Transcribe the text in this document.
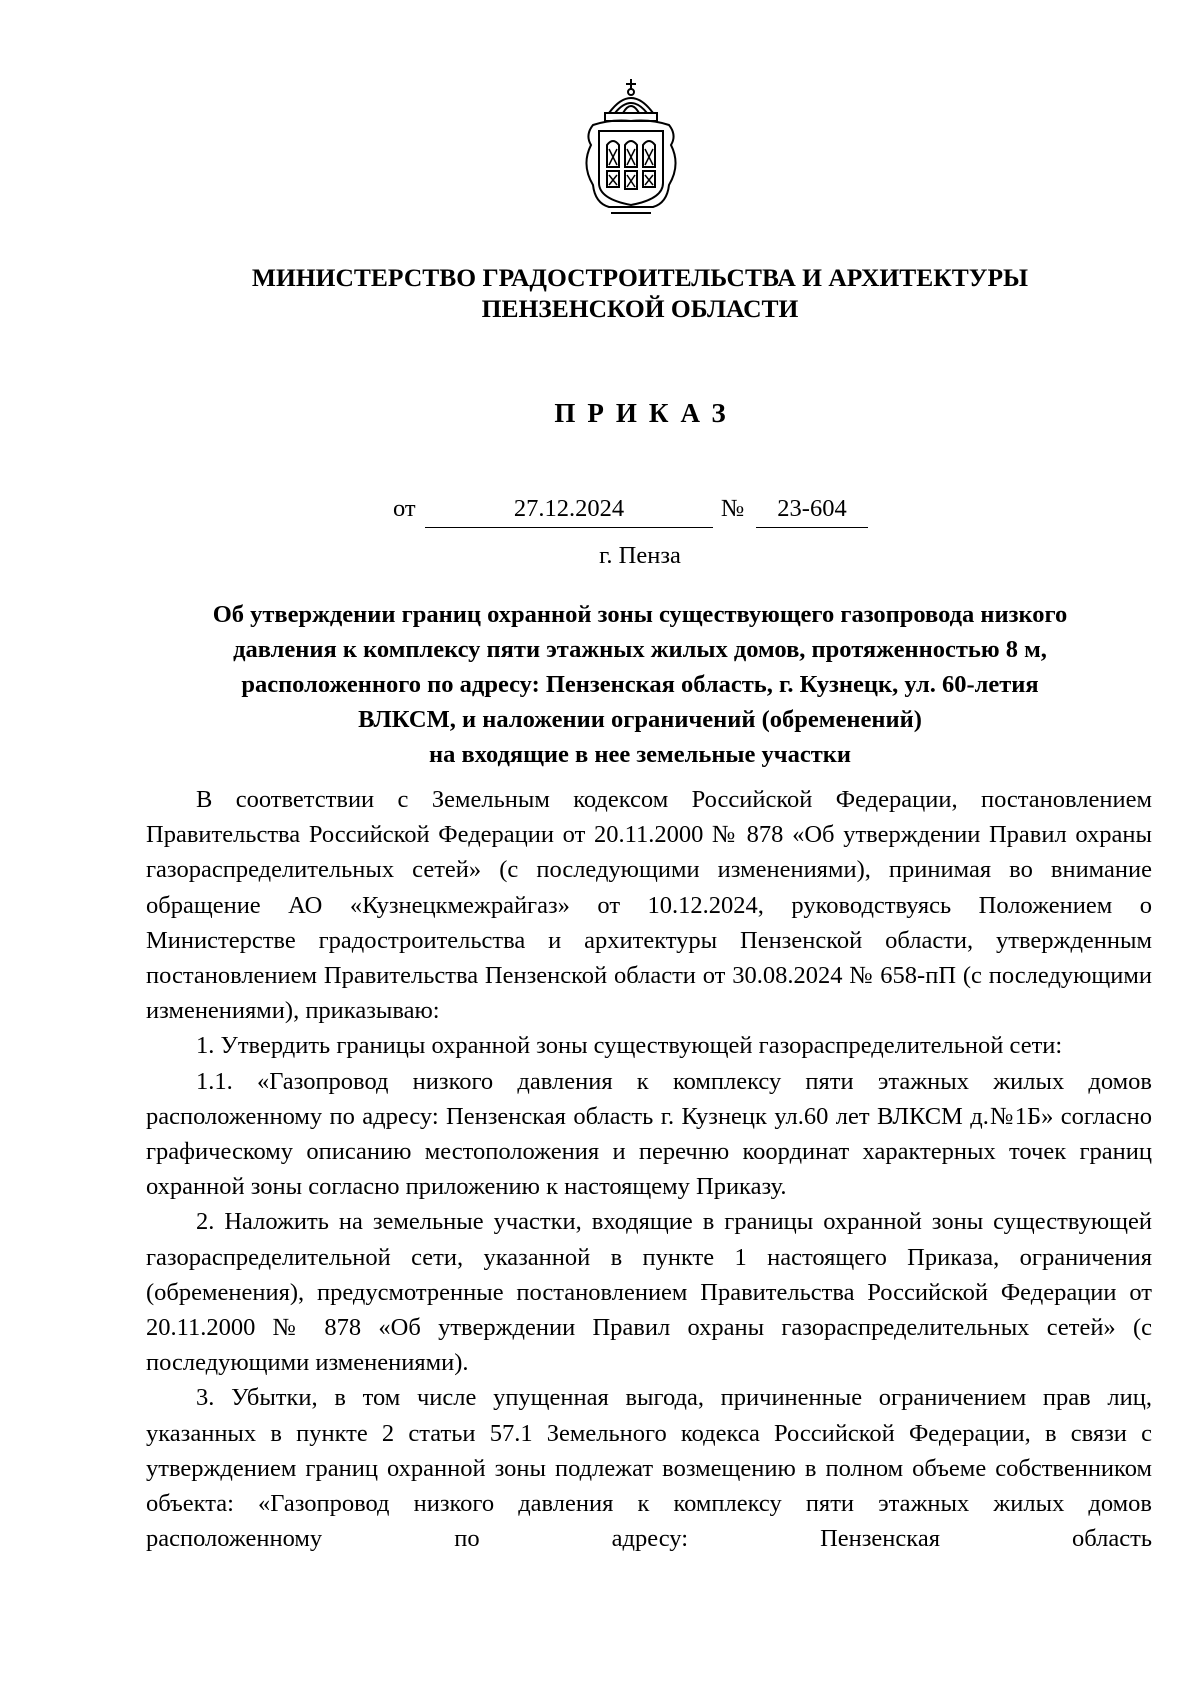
МИНИСТЕРСТВО ГРАДОСТРОИТЕЛЬСТВА И АРХИТЕКТУРЫ
ПЕНЗЕНСКОЙ ОБЛАСТИ
ПРИКАЗ
от	27.12.2024	№	23-604
г. Пенза
Об утверждении границ охранной зоны существующего газопровода низкого
давления к комплексу пяти этажных жилых домов, протяженностью 8 м,
расположенного по адресу: Пензенская область, г. Кузнецк, ул. 60-летия
ВЛКСМ, и наложении ограничений (обременений)
на входящие в нее земельные участки

В соответствии с Земельным кодексом Российской Федерации, постановлением Правительства Российской Федерации от 20.11.2000 № 878 «Об утверждении Правил охраны газораспределительных сетей» (с последующими изменениями), принимая во внимание обращение АО «Кузнецкмежрайгаз» от 10.12.2024, руководствуясь Положением о Министерстве градостроительства и архитектуры Пензенской области, утвержденным постановлением Правительства Пензенской области от 30.08.2024 № 658-пП (с последующими изменениями), приказываю:

1. Утвердить границы охранной зоны существующей газораспределительной сети:

1.1. «Газопровод низкого давления к комплексу пяти этажных жилых домов расположенному по адресу: Пензенская область г. Кузнецк ул.60 лет ВЛКСМ д.№1Б» согласно графическому описанию местоположения и перечню координат характерных точек границ охранной зоны согласно приложению к настоящему Приказу.

2. Наложить на земельные участки, входящие в границы охранной зоны существующей газораспределительной сети, указанной в пункте 1 настоящего Приказа, ограничения (обременения), предусмотренные постановлением Правительства Российской Федерации от 20.11.2000 № 878 «Об утверждении Правил охраны газораспределительных сетей» (с последующими изменениями).

3. Убытки, в том числе упущенная выгода, причиненные ограничением прав лиц, указанных в пункте 2 статьи 57.1 Земельного кодекса Российской Федерации, в связи с утверждением границ охранной зоны подлежат возмещению в полном объеме собственником объекта: «Газопровод низкого давления к комплексу пяти этажных жилых домов расположенному по адресу: Пензенская область
